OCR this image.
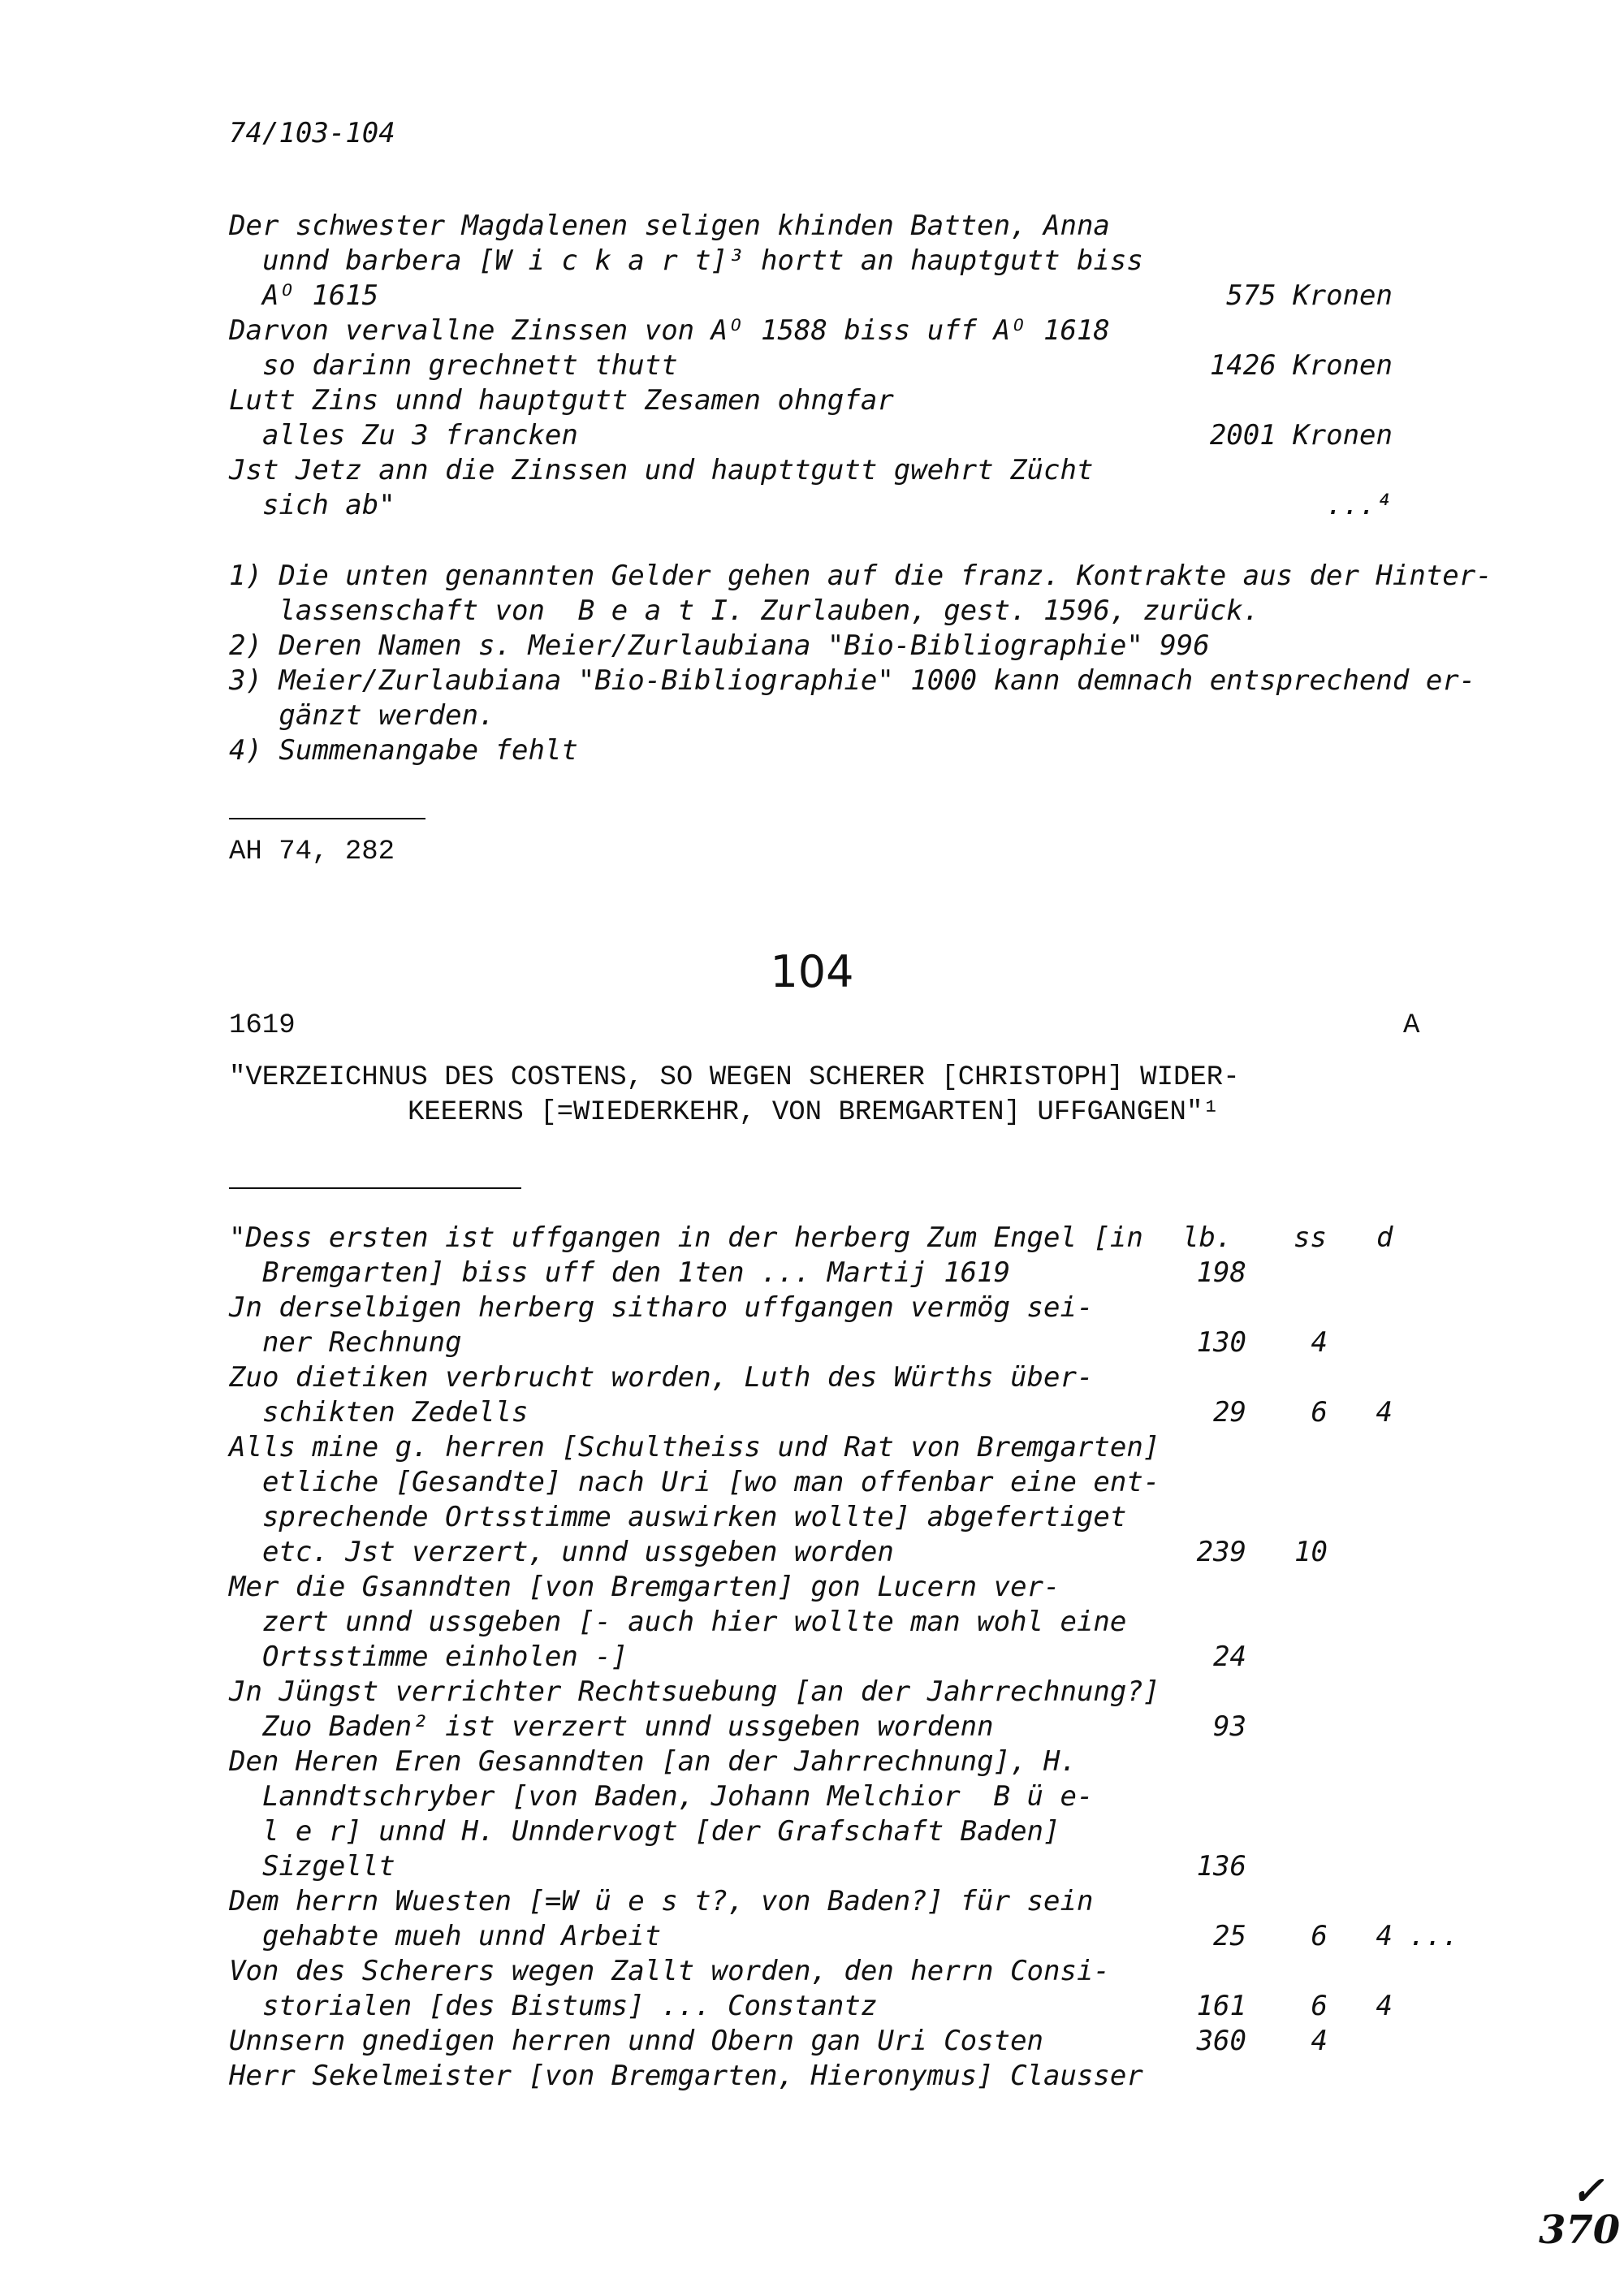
74/103-104
Der schwester Magdalenen seligen khinden Batten, Anna
unnd barbera [W i c k a r t]³ hortt an hauptgutt biss
Aᴼ 1615	575 Kronen
Darvon vervallne Zinssen von Aᴼ 1588 biss uff Aᴼ 1618
so darinn grechnett thutt	1426 Kronen
Lutt Zins unnd hauptgutt Zesamen ohngfar
alles Zu 3 francken	2001 Kronen
Jst Jetz ann die Zinssen und haupttgutt gwehrt Zücht
sich ab"	...⁴
1) Die unten genannten Gelder gehen auf die franz. Kontrakte aus der Hinter-
lassenschaft von  B e a t I. Zurlauben, gest. 1596, zurück.
2) Deren Namen s. Meier/Zurlaubiana "Bio-Bibliographie" 996
3) Meier/Zurlaubiana "Bio-Bibliographie" 1000 kann demnach entsprechend er-
gänzt werden.
4) Summenangabe fehlt
AH 74, 282
1619	A
"VERZEICHNUS DES COSTENS, SO WEGEN SCHERER [CHRISTOPH] WIDER-
KEEERNS [=WIEDERKEHR, VON BREMGARTEN] UFFGANGEN"¹
lb. ss d
"Dess ersten ist uffgangen in der herberg Zum Engel [in
Bremgarten] biss uff den 1ten ... Martij 1619	198
Jn derselbigen herberg sitharo uffgangen vermög sei-
ner Rechnung	130	4
Zuo dietiken verbrucht worden, Luth des Würths über-
schikten Zedells	29	6	4
Alls mine g. herren [Schultheiss und Rat von Bremgarten]
etliche [Gesandte] nach Uri [wo man offenbar eine ent-
sprechende Ortsstimme auswirken wollte] abgefertiget
etc. Jst verzert, unnd ussgeben worden	239	10
Mer die Gsanndten [von Bremgarten] gon Lucern ver-
zert unnd ussgeben [- auch hier wollte man wohl eine
Ortsstimme einholen -]	24
Jn Jüngst verrichter Rechtsuebung [an der Jahrrechnung?]
Zuo Baden² ist verzert unnd ussgeben wordenn	93
Den Heren Eren Gesanndten [an der Jahrrechnung], H.
Lanndtschryber [von Baden, Johann Melchior  B ü e-
l e r] unnd H. Unndervogt [der Grafschaft Baden]
Sizgellt	136
Dem herrn Wuesten [=W ü e s t?, von Baden?] für sein
gehabte mueh unnd Arbeit	25	6	4 ...
Von des Scherers wegen Zallt worden, den herrn Consi-
storialen [des Bistums] ... Constantz	161	6	4
Unnsern gnedigen herren unnd Obern gan Uri Costen	360	4
Herr Sekelmeister [von Bremgarten, Hieronymus] Clausser
104
✓
370
